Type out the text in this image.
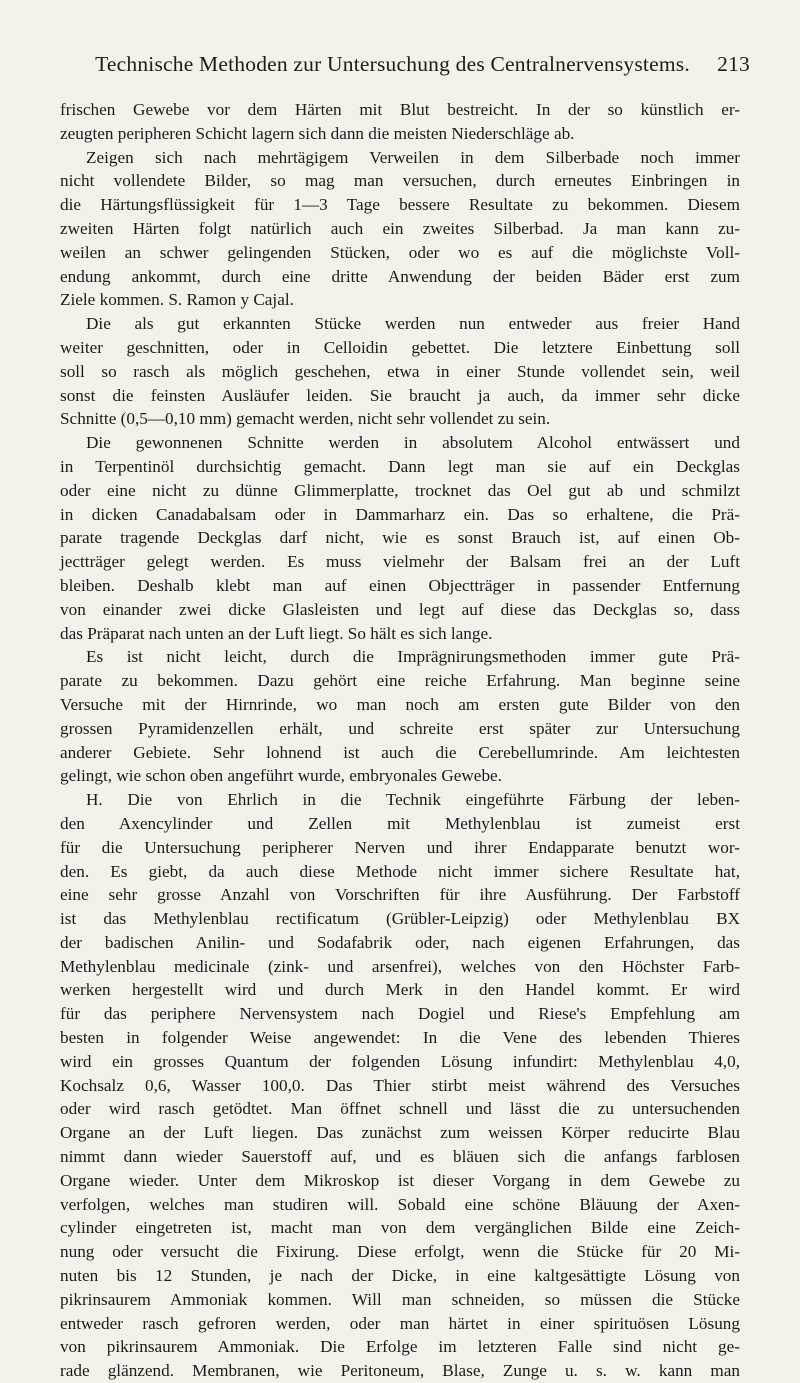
Technische Methoden zur Untersuchung des Centralnervensystems. 213
frischen Gewebe vor dem Härten mit Blut bestreicht. In der so künstlich er-
zeugten peripheren Schicht lagern sich dann die meisten Niederschläge ab.
Zeigen sich nach mehrtägigem Verweilen in dem Silberbade noch immer
nicht vollendete Bilder, so mag man versuchen, durch erneutes Einbringen in
die Härtungsflüssigkeit für 1—3 Tage bessere Resultate zu bekommen. Diesem
zweiten Härten folgt natürlich auch ein zweites Silberbad. Ja man kann zu-
weilen an schwer gelingenden Stücken, oder wo es auf die möglichste Voll-
endung ankommt, durch eine dritte Anwendung der beiden Bäder erst zum
Ziele kommen. S. Ramon y Cajal.
Die als gut erkannten Stücke werden nun entweder aus freier Hand
weiter geschnitten, oder in Celloidin gebettet. Die letztere Einbettung soll
soll so rasch als möglich geschehen, etwa in einer Stunde vollendet sein, weil
sonst die feinsten Ausläufer leiden. Sie braucht ja auch, da immer sehr dicke
Schnitte (0,5—0,10 mm) gemacht werden, nicht sehr vollendet zu sein.
Die gewonnenen Schnitte werden in absolutem Alcohol entwässert und
in Terpentinöl durchsichtig gemacht. Dann legt man sie auf ein Deckglas
oder eine nicht zu dünne Glimmerplatte, trocknet das Oel gut ab und schmilzt
in dicken Canadabalsam oder in Dammarharz ein. Das so erhaltene, die Prä-
parate tragende Deckglas darf nicht, wie es sonst Brauch ist, auf einen Ob-
jectträger gelegt werden. Es muss vielmehr der Balsam frei an der Luft
bleiben. Deshalb klebt man auf einen Objectträger in passender Entfernung
von einander zwei dicke Glasleisten und legt auf diese das Deckglas so, dass
das Präparat nach unten an der Luft liegt. So hält es sich lange.
Es ist nicht leicht, durch die Imprägnirungsmethoden immer gute Prä-
parate zu bekommen. Dazu gehört eine reiche Erfahrung. Man beginne seine
Versuche mit der Hirnrinde, wo man noch am ersten gute Bilder von den
grossen Pyramidenzellen erhält, und schreite erst später zur Untersuchung
anderer Gebiete. Sehr lohnend ist auch die Cerebellumrinde. Am leichtesten
gelingt, wie schon oben angeführt wurde, embryonales Gewebe.
H. Die von Ehrlich in die Technik eingeführte Färbung der leben-
den Axencylinder und Zellen mit Methylenblau ist zumeist erst
für die Untersuchung peripherer Nerven und ihrer Endapparate benutzt wor-
den. Es giebt, da auch diese Methode nicht immer sichere Resultate hat,
eine sehr grosse Anzahl von Vorschriften für ihre Ausführung. Der Farbstoff
ist das Methylenblau rectificatum (Grübler-Leipzig) oder Methylenblau BX
der badischen Anilin- und Sodafabrik oder, nach eigenen Erfahrungen, das
Methylenblau medicinale (zink- und arsenfrei), welches von den Höchster Farb-
werken hergestellt wird und durch Merk in den Handel kommt. Er wird
für das periphere Nervensystem nach Dogiel und Riese's Empfehlung am
besten in folgender Weise angewendet: In die Vene des lebenden Thieres
wird ein grosses Quantum der folgenden Lösung infundirt: Methylenblau 4,0,
Kochsalz 0,6, Wasser 100,0. Das Thier stirbt meist während des Versuches
oder wird rasch getödtet. Man öffnet schnell und lässt die zu untersuchenden
Organe an der Luft liegen. Das zunächst zum weissen Körper reducirte Blau
nimmt dann wieder Sauerstoff auf, und es bläuen sich die anfangs farblosen
Organe wieder. Unter dem Mikroskop ist dieser Vorgang in dem Gewebe zu
verfolgen, welches man studiren will. Sobald eine schöne Bläuung der Axen-
cylinder eingetreten ist, macht man von dem vergänglichen Bilde eine Zeich-
nung oder versucht die Fixirung. Diese erfolgt, wenn die Stücke für 20 Mi-
nuten bis 12 Stunden, je nach der Dicke, in eine kaltgesättigte Lösung von
pikrinsaurem Ammoniak kommen. Will man schneiden, so müssen die Stücke
entweder rasch gefroren werden, oder man härtet in einer spirituösen Lösung
von pikrinsaurem Ammoniak. Die Erfolge im letzteren Falle sind nicht ge-
rade glänzend. Membranen, wie Peritoneum, Blase, Zunge u. s. w. kann man
